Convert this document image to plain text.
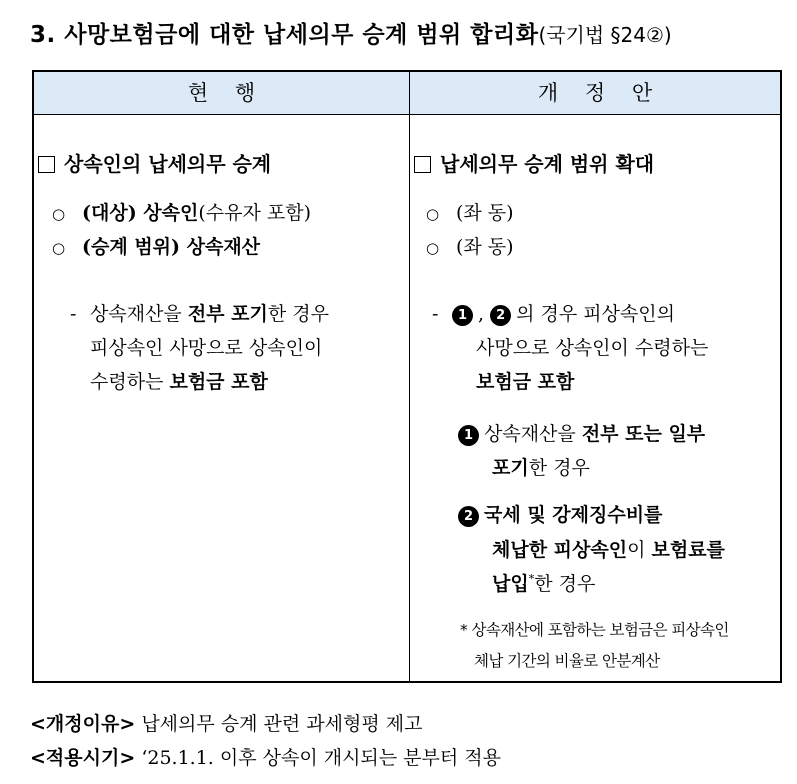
3. 사망보험금에 대한 납세의무 승계 범위 합리화(국기법 §24②)
현 행	개 정 안
상속인의 납세의무 승계
○ (대상) 상속인(수유자 포함)
○ (승계 범위) 상속재산
- 상속재산을 전부 포기한 경우
피상속인 사망으로 상속인이
수령하는 보험금 포함
납세의무 승계 범위 확대
○ (좌 동)
○ (좌 동)
- 1 , 2 의 경우 피상속인의
사망으로 상속인이 수령하는
보험금 포함
1 상속재산을 전부 또는 일부
포기한 경우
2 국세 및 강제징수비를
체납한 피상속인이 보험료를
납입*한 경우
* 상속재산에 포함하는 보험금은 피상속인
체납 기간의 비율로 안분계산
<개정이유> 납세의무 승계 관련 과세형평 제고
<적용시기> ‘25.1.1. 이후 상속이 개시되는 분부터 적용
